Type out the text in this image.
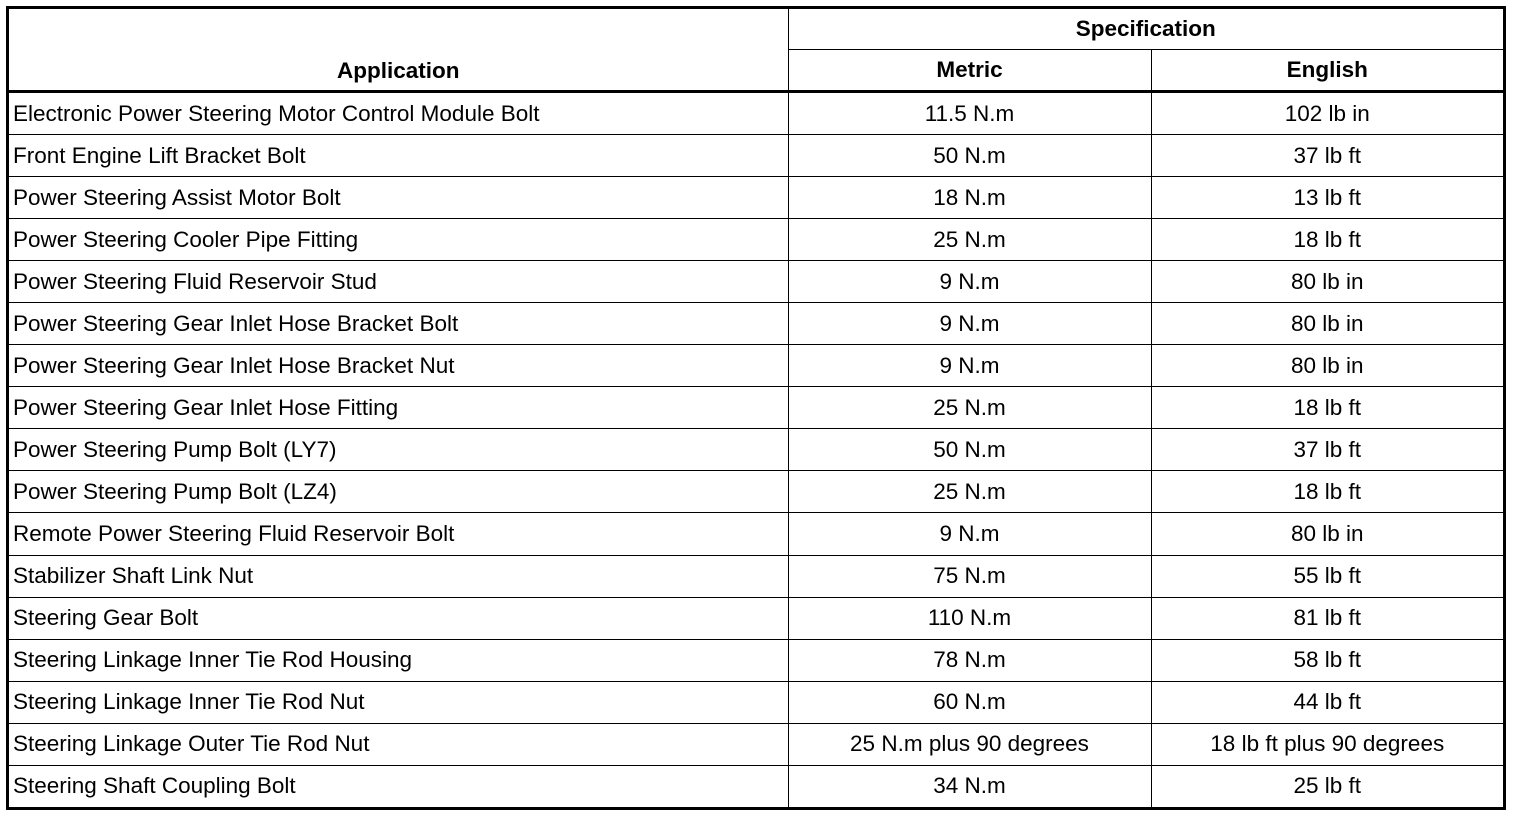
Application	Specification	
	Metric	English
Electronic Power Steering Motor Control Module Bolt	11.5 N.m	102 lb in
Front Engine Lift Bracket Bolt	50 N.m	37 lb ft
Power Steering Assist Motor Bolt	18 N.m	13 lb ft
Power Steering Cooler Pipe Fitting	25 N.m	18 lb ft
Power Steering Fluid Reservoir Stud	9 N.m	80 lb in
Power Steering Gear Inlet Hose Bracket Bolt	9 N.m	80 lb in
Power Steering Gear Inlet Hose Bracket Nut	9 N.m	80 lb in
Power Steering Gear Inlet Hose Fitting	25 N.m	18 lb ft
Power Steering Pump Bolt (LY7)	50 N.m	37 lb ft
Power Steering Pump Bolt (LZ4)	25 N.m	18 lb ft
Remote Power Steering Fluid Reservoir Bolt	9 N.m	80 lb in
Stabilizer Shaft Link Nut	75 N.m	55 lb ft
Steering Gear Bolt	110 N.m	81 lb ft
Steering Linkage Inner Tie Rod Housing	78 N.m	58 lb ft
Steering Linkage Inner Tie Rod Nut	60 N.m	44 lb ft
Steering Linkage Outer Tie Rod Nut	25 N.m plus 90 degrees	18 lb ft plus 90 degrees
Steering Shaft Coupling Bolt	34 N.m	25 lb ft
